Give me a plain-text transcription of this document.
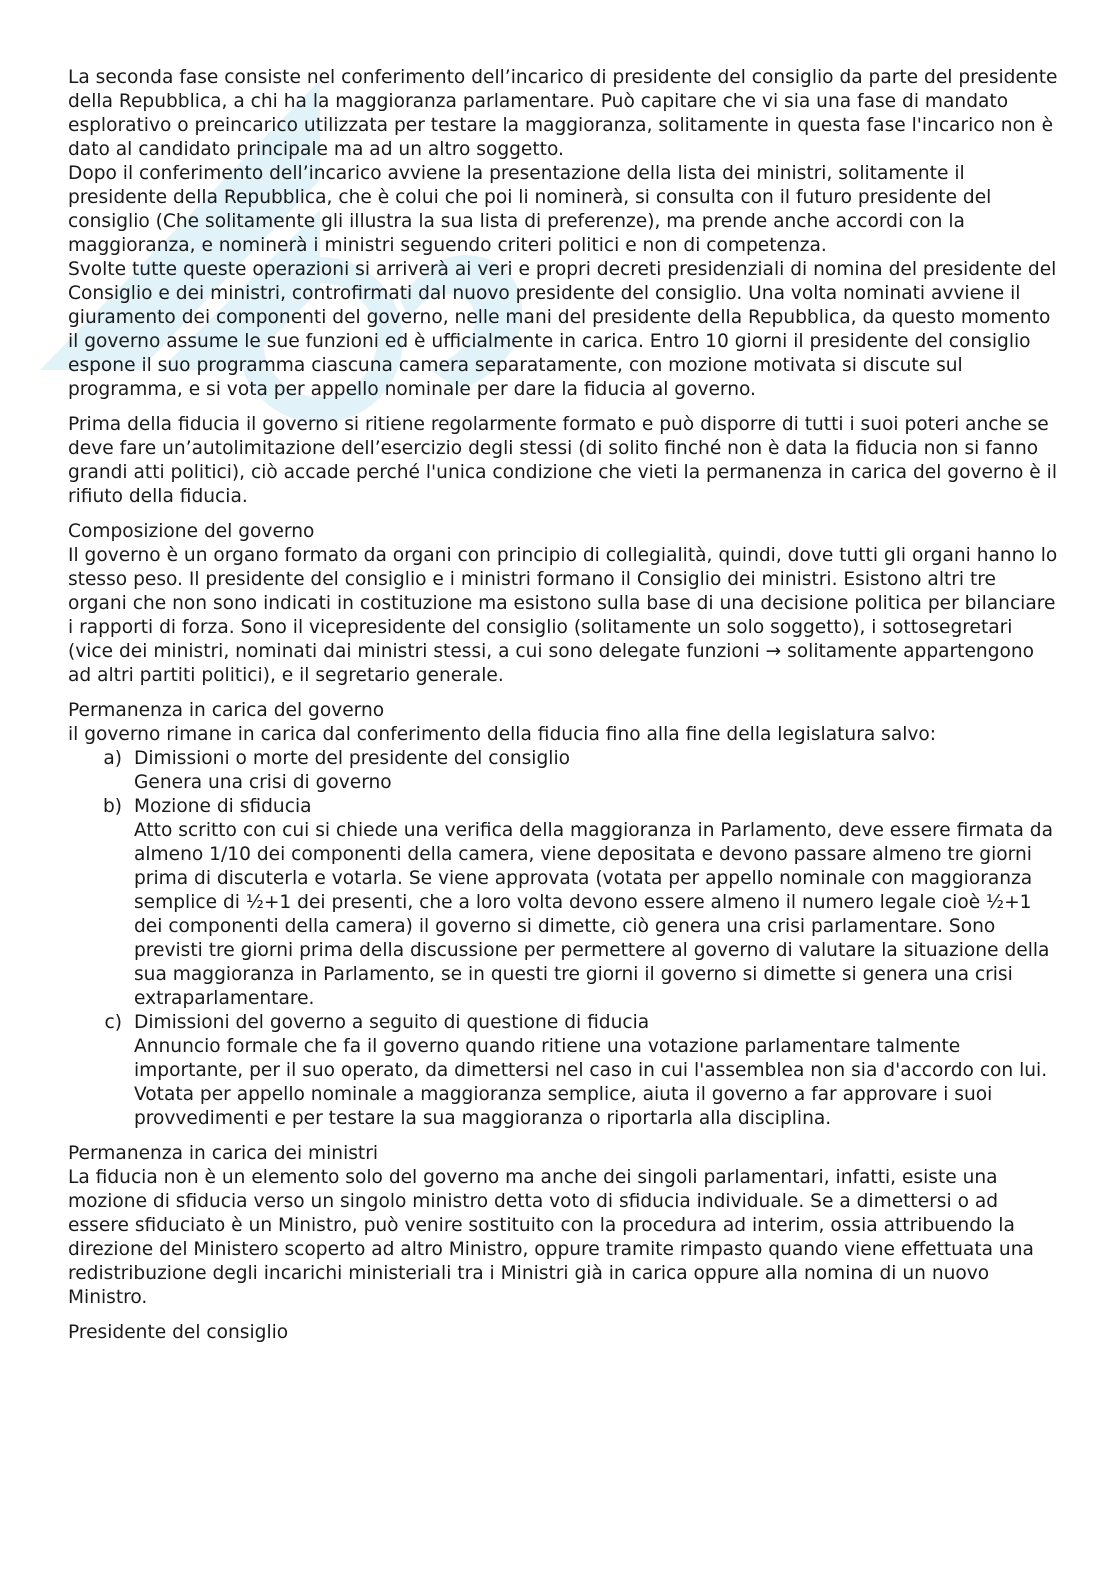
La seconda fase consiste nel conferimento dell’incarico di presidente del consiglio da parte del presidente della Repubblica, a chi ha la maggioranza parlamentare. Può capitare che vi sia una fase di mandato esplorativo o preincarico utilizzata per testare la maggioranza, solitamente in questa fase l'incarico non è dato al candidato principale ma ad un altro soggetto.

Dopo il conferimento dell’incarico avviene la presentazione della lista dei ministri, solitamente il presidente della Repubblica, che è colui che poi li nominerà, si consulta con il futuro presidente del consiglio (Che solitamente gli illustra la sua lista di preferenze), ma prende anche accordi con la maggioranza, e nominerà i ministri seguendo criteri politici e non di competenza.

Svolte tutte queste operazioni si arriverà ai veri e propri decreti presidenziali di nomina del presidente del Consiglio e dei ministri, controfirmati dal nuovo presidente del consiglio. Una volta nominati avviene il giuramento dei componenti del governo, nelle mani del presidente della Repubblica, da questo momento il governo assume le sue funzioni ed è ufficialmente in carica. Entro 10 giorni il presidente del consiglio espone il suo programma ciascuna camera separatamente, con mozione motivata si discute sul programma, e si vota per appello nominale per dare la fiducia al governo.

Prima della fiducia il governo si ritiene regolarmente formato e può disporre di tutti i suoi poteri anche se deve fare un’autolimitazione dell’esercizio degli stessi (di solito finché non è data la fiducia non si fanno grandi atti politici), ciò accade perché l'unica condizione che vieti la permanenza in carica del governo è il rifiuto della fiducia.

Composizione del governo

Il governo è un organo formato da organi con principio di collegialità, quindi, dove tutti gli organi hanno lo stesso peso. Il presidente del consiglio e i ministri formano il Consiglio dei ministri. Esistono altri tre organi che non sono indicati in costituzione ma esistono sulla base di una decisione politica per bilanciare i rapporti di forza. Sono il vicepresidente del consiglio (solitamente un solo soggetto), i sottosegretari (vice dei ministri, nominati dai ministri stessi, a cui sono delegate funzioni → solitamente appartengono ad altri partiti politici), e il segretario generale.

Permanenza in carica del governo

il governo rimane in carica dal conferimento della fiducia fino alla fine della legislatura salvo:

a) Dimissioni o morte del presidente del consiglio
Genera una crisi di governo
b) Mozione di sfiducia
Atto scritto con cui si chiede una verifica della maggioranza in Parlamento, deve essere firmata da almeno 1/10 dei componenti della camera, viene depositata e devono passare almeno tre giorni prima di discuterla e votarla. Se viene approvata (votata per appello nominale con maggioranza semplice di ½+1 dei presenti, che a loro volta devono essere almeno il numero legale cioè ½+1 dei componenti della camera) il governo si dimette, ciò genera una crisi parlamentare. Sono previsti tre giorni prima della discussione per permettere al governo di valutare la situazione della sua maggioranza in Parlamento, se in questi tre giorni il governo si dimette si genera una crisi extraparlamentare.
c) Dimissioni del governo a seguito di questione di fiducia
Annuncio formale che fa il governo quando ritiene una votazione parlamentare talmente importante, per il suo operato, da dimettersi nel caso in cui l'assemblea non sia d'accordo con lui. Votata per appello nominale a maggioranza semplice, aiuta il governo a far approvare i suoi provvedimenti e per testare la sua maggioranza o riportarla alla disciplina.

Permanenza in carica dei ministri

La fiducia non è un elemento solo del governo ma anche dei singoli parlamentari, infatti, esiste una mozione di sfiducia verso un singolo ministro detta voto di sfiducia individuale. Se a dimettersi o ad essere sfiduciato è un Ministro, può venire sostituito con la procedura ad interim, ossia attribuendo la direzione del Ministero scoperto ad altro Ministro, oppure tramite rimpasto quando viene effettuata una redistribuzione degli incarichi ministeriali tra i Ministri già in carica oppure alla nomina di un nuovo Ministro.

Presidente del consiglio
